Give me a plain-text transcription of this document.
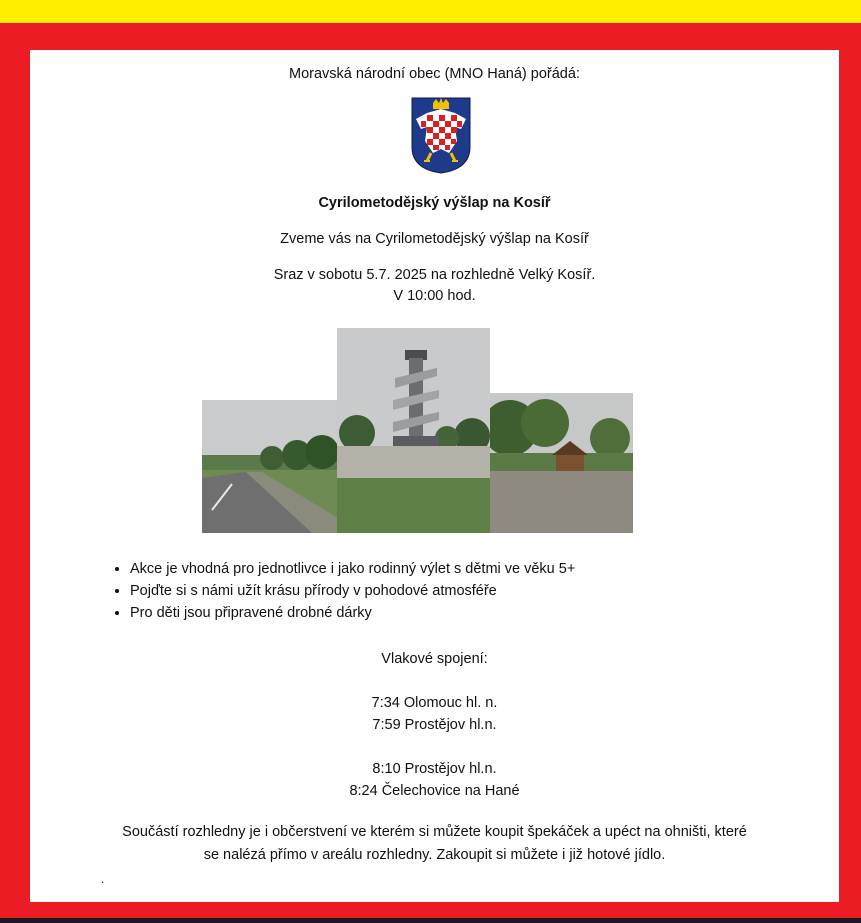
Moravská národní obec (MNO Haná) pořádá:

Cyrilometodějský výšlap na Kosíř

Zveme vás na Cyrilometodějský výšlap na Kosíř

Sraz v sobotu 5.7. 2025 na rozhledně Velký Kosíř.

V 10:00 hod.

• Akce je vhodná pro jednotlivce i jako rodinný výlet s dětmi ve věku 5+
• Pojďte si s námi užít krásu přírody v pohodové atmosféře
• Pro děti jsou připravené drobné dárky

Vlakové spojení:

7:34 Olomouc hl. n.

7:59 Prostějov hl.n.

8:10 Prostějov hl.n.

8:24 Čelechovice na Hané

Součástí rozhledny je i občerstvení ve kterém si můžete koupit špekáček a upéct na ohništi, které

se nalézá přímo v areálu rozhledny. Zakoupit si můžete i již hotové jídlo.

.
